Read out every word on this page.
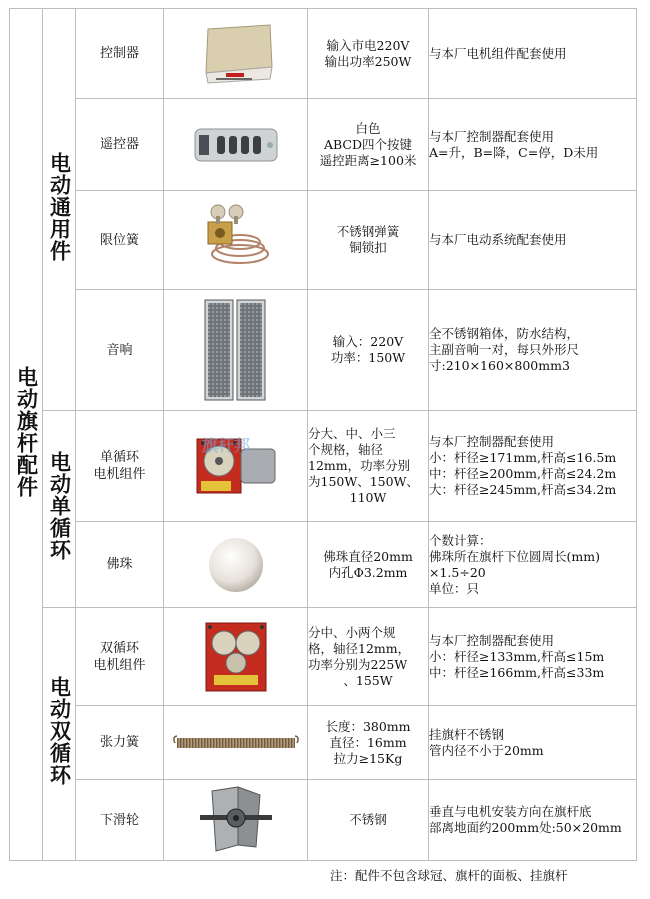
电动旗杆配件	电动通用件	控制器		输入市电220V
输出功率250W	与本厂电机组件配套使用

		遥控器		白色
ABCD四个按键
遥控距离≥100米	与本厂控制器配套使用
A=升，B=降，C=停，D未用

		限位簧		不锈钢弹簧
铜锁扣	与本厂电动系统配套使用

		音响		输入：220V
功率：150W	全不锈钢箱体，防水结构，
主副音响一对，每只外形尺
寸:210×160×800mm3

	电动单循环	单循环
电机组件	旗杆邦	分大、中、小三
个规格，轴径
12mm，功率分别
为150W、150W、
110W	与本厂控制器配套使用
小：杆径≥171mm,杆高≤16.5m
中：杆径≥200mm,杆高≤24.2m
大：杆径≥245mm,杆高≤34.2m

		佛珠		佛珠直径20mm
内孔Φ3.2mm	个数计算：
佛珠所在旗杆下位圆周长(mm)
×1.5÷20
单位：只

	电动双循环	双循环
电机组件		分中、小两个规
格，轴径12mm，
功率分别为225W
、155W	与本厂控制器配套使用
小：杆径≥133mm,杆高≤15m
中：杆径≥166mm,杆高≤33m

		张力簧		长度：380mm
直径：16mm
拉力≥15Kg	挂旗杆不锈钢
管内径不小于20mm

		下滑轮		不锈钢	垂直与电机安装方向在旗杆底
部离地面约200mm处:50×20mm
注：配件不包含球冠、旗杆的面板、挂旗杆
